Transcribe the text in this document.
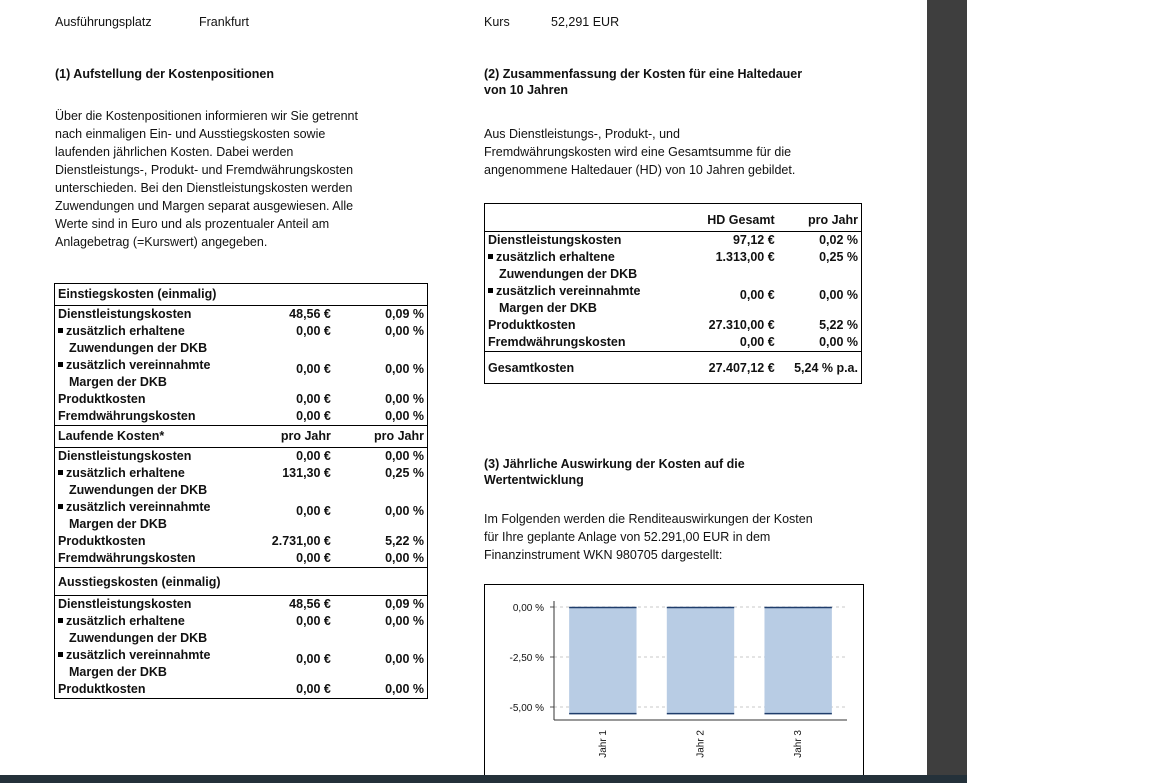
Ausführungsplatz	Frankfurt	Kurs	52,291 EUR
(1) Aufstellung der Kostenpositionen
Über die Kostenpositionen informieren wir Sie getrennt
nach einmaligen Ein- und Ausstiegskosten sowie
laufenden jährlichen Kosten. Dabei werden
Dienstleistungs-, Produkt- und Fremdwährungskosten
unterschieden. Bei den Dienstleistungskosten werden
Zuwendungen und Margen separat ausgewiesen. Alle
Werte sind in Euro und als prozentualer Anteil am
Anlagebetrag (=Kurswert) angegeben.
Einstiegskosten (einmalig)		
Dienstleistungskosten	48,56 €	0,09 %
zusätzlich erhaltene
Zuwendungen der DKB	0,00 €	0,00 %
zusätzlich vereinnahmte
Margen der DKB	0,00 €	0,00 %
Produktkosten	0,00 €	0,00 %
Fremdwährungskosten	0,00 €	0,00 %
Laufende Kosten*	pro Jahr	pro Jahr
Dienstleistungskosten	0,00 €	0,00 %
zusätzlich erhaltene
Zuwendungen der DKB	131,30 €	0,25 %
zusätzlich vereinnahmte
Margen der DKB	0,00 €	0,00 %
Produktkosten	2.731,00 €	5,22 %
Fremdwährungskosten	0,00 €	0,00 %
Ausstiegskosten (einmalig)		
Dienstleistungskosten	48,56 €	0,09 %
zusätzlich erhaltene
Zuwendungen der DKB	0,00 €	0,00 %
zusätzlich vereinnahmte
Margen der DKB	0,00 €	0,00 %
Produktkosten	0,00 €	0,00 %
(2) Zusammenfassung der Kosten für eine Haltedauer
von 10 Jahren
Aus Dienstleistungs-, Produkt-, und
Fremdwährungskosten wird eine Gesamtsumme für die
angenommene Haltedauer (HD) von 10 Jahren gebildet.
	HD Gesamt	pro Jahr
Dienstleistungskosten	97,12 €	0,02 %
zusätzlich erhaltene
Zuwendungen der DKB	1.313,00 €	0,25 %
zusätzlich vereinnahmte
Margen der DKB	0,00 €	0,00 %
Produktkosten	27.310,00 €	5,22 %
Fremdwährungskosten	0,00 €	0,00 %
Gesamtkosten	27.407,12 €	5,24 % p.a.
(3) Jährliche Auswirkung der Kosten auf die
Wertentwicklung
Im Folgenden werden die Renditeauswirkungen der Kosten
für Ihre geplante Anlage von 52.291,00 EUR in dem
Finanzinstrument WKN 980705 dargestellt:
0,00 %
-2,50 %
-5,00 %
Jahr 1	Jahr 2	Jahr 3
